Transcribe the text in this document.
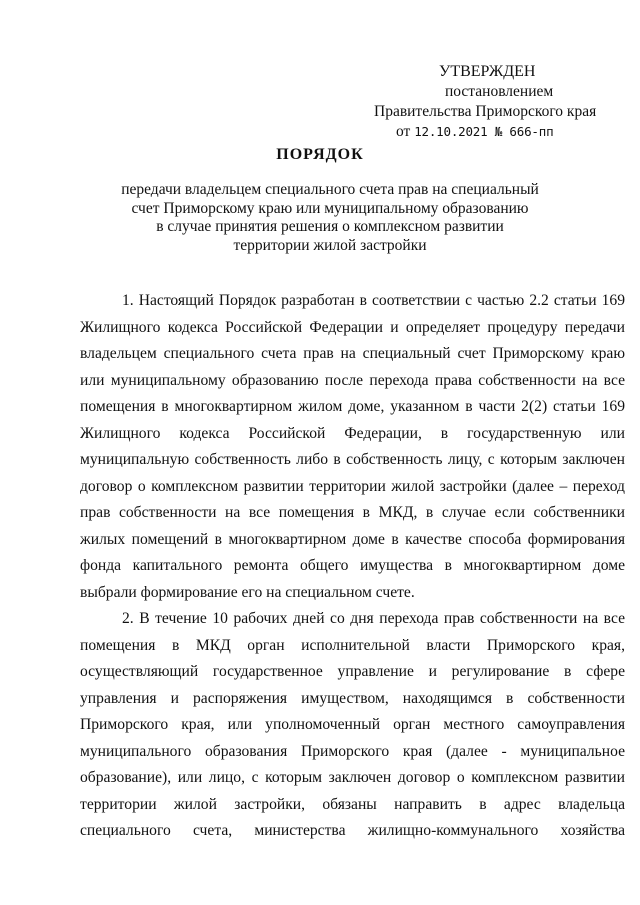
УТВЕРЖДЕН
постановлением
Правительства Приморского края
от 12.10.2021 № 666-пп
ПОРЯДОК
передачи владельцем специального счета прав на специальный
счет Приморскому краю или муниципальному образованию
в случае принятия решения о комплексном развитии
территории жилой застройки
1. Настоящий Порядок разработан в соответствии с частью 2.2 статьи 169
Жилищного кодекса Российской Федерации и определяет процедуру передачи
владельцем специального счета прав на специальный счет Приморскому краю
или муниципальному образованию после перехода права собственности на все
помещения в многоквартирном жилом доме, указанном в части 2(2) статьи 169
Жилищного кодекса Российской Федерации, в государственную или
муниципальную собственность либо в собственность лицу, с которым заключен
договор о комплексном развитии территории жилой застройки (далее – переход
прав собственности на все помещения в МКД, в случае если собственники
жилых помещений в многоквартирном доме в качестве способа формирования
фонда капитального ремонта общего имущества в многоквартирном доме
выбрали формирование его на специальном счете.
2. В течение 10 рабочих дней со дня перехода прав собственности на все
помещения в МКД орган исполнительной власти Приморского края,
осуществляющий государственное управление и регулирование в сфере
управления и распоряжения имуществом, находящимся в собственности
Приморского края, или уполномоченный орган местного самоуправления
муниципального образования Приморского края (далее - муниципальное
образование), или лицо, с которым заключен договор о комплексном развитии
территории жилой застройки, обязаны направить в адрес владельца
специального счета, министерства жилищно-коммунального хозяйства
